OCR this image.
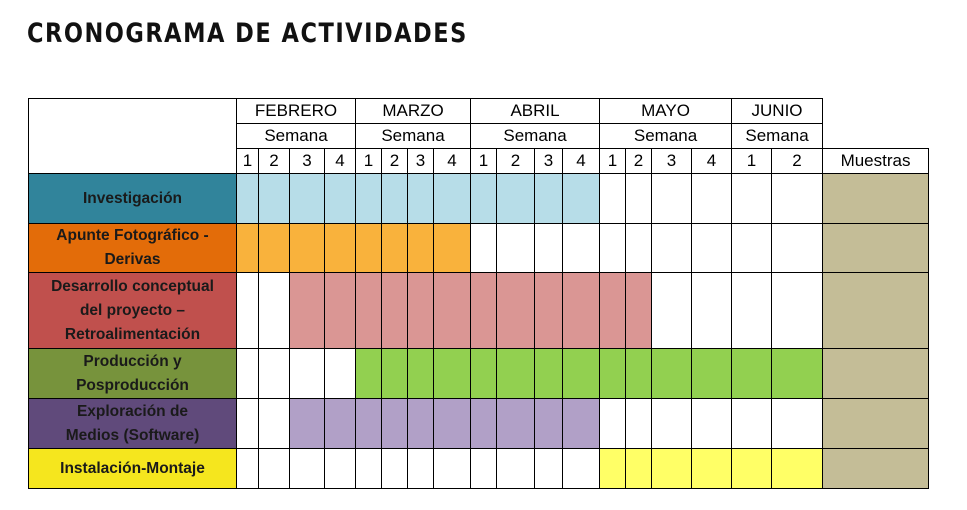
CRONOGRAMA DE ACTIVIDADES
	FEBRERO				MARZO				ABRIL				MAYO				JUNIO		
	Semana				Semana				Semana				Semana				Semana		
	1	2	3	4	1	2	3	4	1	2	3	4	1	2	3	4	1	2	Muestras

Investigación																			

Apunte Fotográfico -
Derivas																			

Desarrollo conceptual
del proyecto –
Retroalimentación																			

Producción y
Posproducción																			

Exploración de
Medios (Software)																			

Instalación-Montaje																			
